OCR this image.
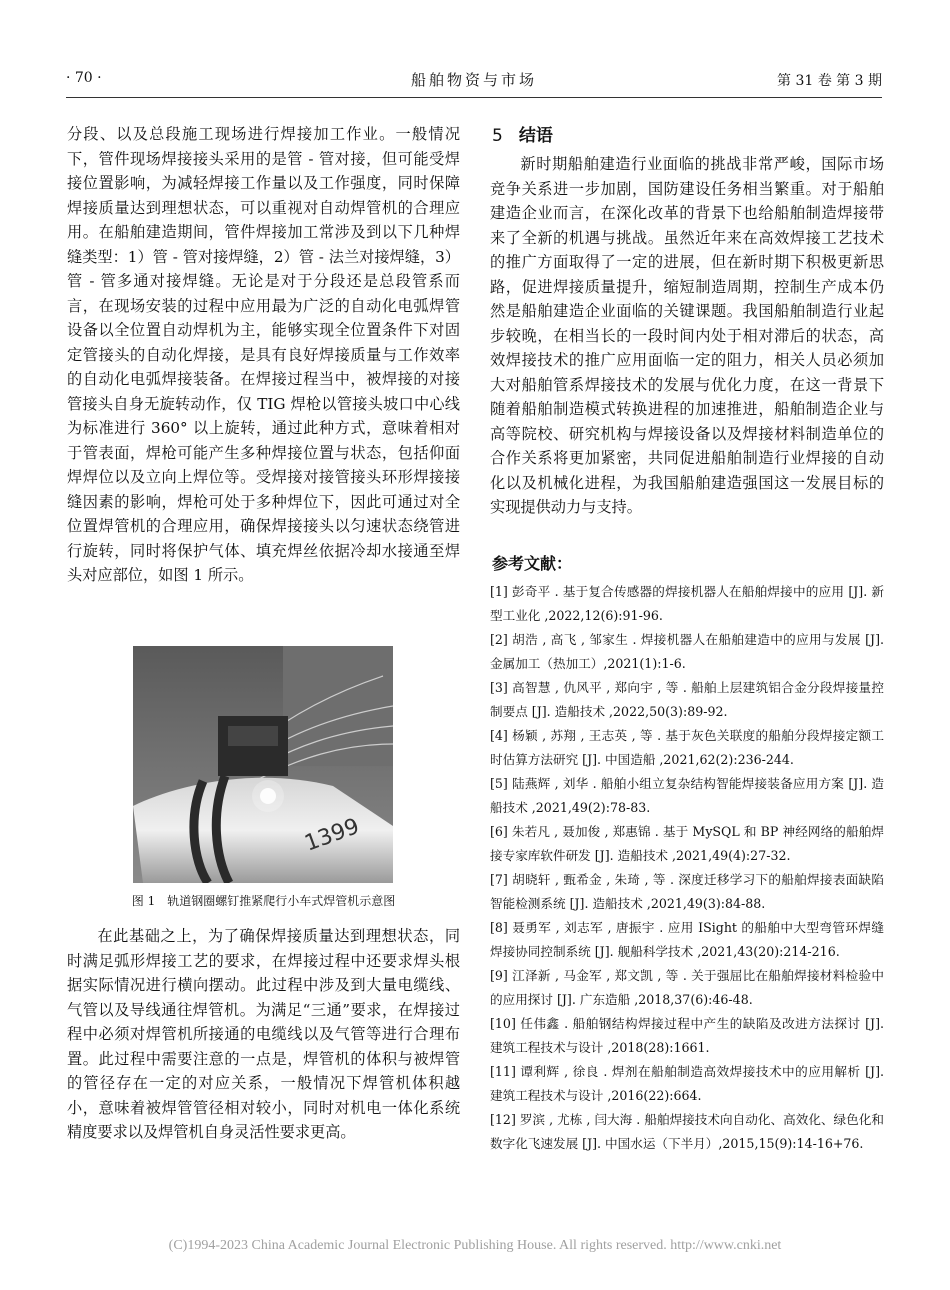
· 70 ·	船舶物资与市场	第 31 卷 第 3 期

分段、以及总段施工现场进行焊接加工作业。一般情况下，管件现场焊接接头采用的是管 - 管对接，但可能受焊接位置影响，为减轻焊接工作量以及工作强度，同时保障焊接质量达到理想状态，可以重视对自动焊管机的合理应用。在船舶建造期间，管件焊接加工常涉及到以下几种焊缝类型：1）管 - 管对接焊缝，2）管 - 法兰对接焊缝，3）管 - 管多通对接焊缝。无论是对于分段还是总段管系而言，在现场安装的过程中应用最为广泛的自动化电弧焊管设备以全位置自动焊机为主，能够实现全位置条件下对固定管接头的自动化焊接，是具有良好焊接质量与工作效率的自动化电弧焊接装备。在焊接过程当中，被焊接的对接管接头自身无旋转动作，仅 TIG 焊枪以管接头坡口中心线为标准进行 360° 以上旋转，通过此种方式，意味着相对于管表面，焊枪可能产生多种焊接位置与状态，包括仰面焊焊位以及立向上焊位等。受焊接对接管接头环形焊接接缝因素的影响，焊枪可处于多种焊位下，因此可通过对全位置焊管机的合理应用，确保焊接接头以匀速状态绕管进行旋转，同时将保护气体、填充焊丝依据冷却水接通至焊头对应部位，如图 1 所示。

1399
图 1　轨道钢圈螺钉推紧爬行小车式焊管机示意图
在此基础之上，为了确保焊接质量达到理想状态，同时满足弧形焊接工艺的要求，在焊接过程中还要求焊头根据实际情况进行横向摆动。此过程中涉及到大量电缆线、气管以及导线通往焊管机。为满足“三通”要求，在焊接过程中必须对焊管机所接通的电缆线以及气管等进行合理布置。此过程中需要注意的一点是，焊管机的体积与被焊管的管径存在一定的对应关系，一般情况下焊管机体积越小，意味着被焊管管径相对较小，同时对机电一体化系统精度要求以及焊管机自身灵活性要求更高。
5 结语

新时期船舶建造行业面临的挑战非常严峻，国际市场竞争关系进一步加剧，国防建设任务相当繁重。对于船舶建造企业而言，在深化改革的背景下也给船舶制造焊接带来了全新的机遇与挑战。虽然近年来在高效焊接工艺技术的推广方面取得了一定的进展，但在新时期下积极更新思路，促进焊接质量提升，缩短制造周期，控制生产成本仍然是船舶建造企业面临的关键课题。我国船舶制造行业起步较晚，在相当长的一段时间内处于相对滞后的状态，高效焊接技术的推广应用面临一定的阻力，相关人员必须加大对船舶管系焊接技术的发展与优化力度，在这一背景下随着船舶制造模式转换进程的加速推进，船舶制造企业与高等院校、研究机构与焊接设备以及焊接材料制造单位的合作关系将更加紧密，共同促进船舶制造行业焊接的自动化以及机械化进程，为我国船舶建造强国这一发展目标的实现提供动力与支持。

参考文献：

[1] 彭奇平 . 基于复合传感器的焊接机器人在船舶焊接中的应用 [J]. 新型工业化 ,2022,12(6):91-96.

[2] 胡浩 , 高飞 , 邹家生 . 焊接机器人在船舶建造中的应用与发展 [J]. 金属加工（热加工）,2021(1):1-6.

[3] 高智慧 , 仇风平 , 郑向宇 , 等 . 船舶上层建筑铝合金分段焊接量控制要点 [J]. 造船技术 ,2022,50(3):89-92.

[4] 杨颖 , 苏翔 , 王志英 , 等 . 基于灰色关联度的船舶分段焊接定额工时估算方法研究 [J]. 中国造船 ,2021,62(2):236-244.

[5] 陆燕辉 , 刘华 . 船舶小组立复杂结构智能焊接装备应用方案 [J]. 造船技术 ,2021,49(2):78-83.

[6] 朱若凡 , 聂加俊 , 郑惠锦 . 基于 MySQL 和 BP 神经网络的船舶焊接专家库软件研发 [J]. 造船技术 ,2021,49(4):27-32.

[7] 胡晓轩 , 甄希金 , 朱琦 , 等 . 深度迁移学习下的船舶焊接表面缺陷智能检测系统 [J]. 造船技术 ,2021,49(3):84-88.

[8] 聂勇军 , 刘志军 , 唐振宇 . 应用 ISight 的船舶中大型弯管环焊缝焊接协同控制系统 [J]. 舰船科学技术 ,2021,43(20):214-216.

[9] 江泽新 , 马金军 , 郑文凯 , 等 . 关于强屈比在船舶焊接材料检验中的应用探讨 [J]. 广东造船 ,2018,37(6):46-48.

[10] 任伟鑫 . 船舶钢结构焊接过程中产生的缺陷及改进方法探讨 [J]. 建筑工程技术与设计 ,2018(28):1661.

[11] 谭利辉 , 徐良 . 焊剂在船舶制造高效焊接技术中的应用解析 [J]. 建筑工程技术与设计 ,2016(22):664.

[12] 罗滨 , 尤栋 , 闫大海 . 船舶焊接技术向自动化、高效化、绿色化和数字化飞速发展 [J]. 中国水运（下半月）,2015,15(9):14-16+76.

(C)1994-2023 China Academic Journal Electronic Publishing House. All rights reserved. http://www.cnki.net
